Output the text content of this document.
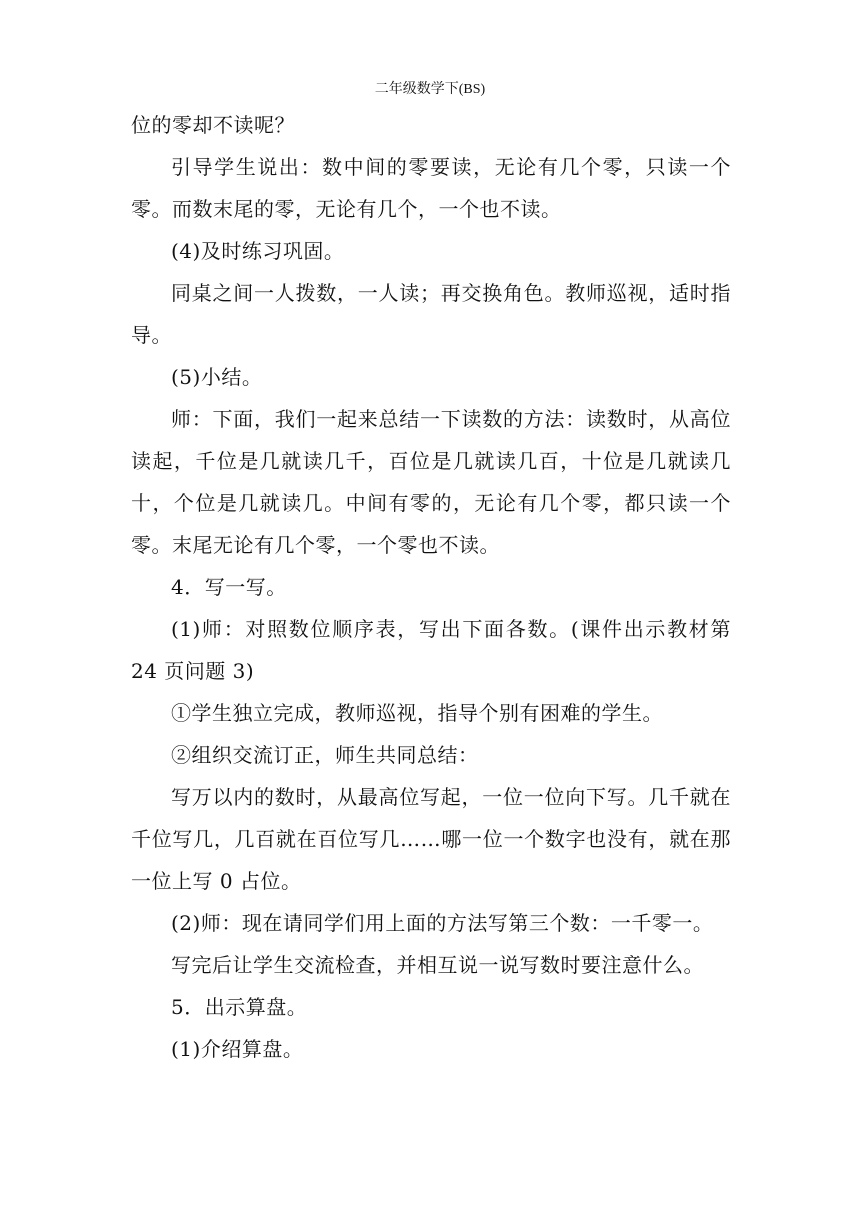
二年级数学下(BS)

位的零却不读呢？

引导学生说出：数中间的零要读，无论有几个零，只读一个零。而数末尾的零，无论有几个，一个也不读。

(4)及时练习巩固。

同桌之间一人拨数，一人读；再交换角色。教师巡视，适时指导。

(5)小结。

师：下面，我们一起来总结一下读数的方法：读数时，从高位读起，千位是几就读几千，百位是几就读几百，十位是几就读几十，个位是几就读几。中间有零的，无论有几个零，都只读一个零。末尾无论有几个零，一个零也不读。

4．写一写。

(1)师：对照数位顺序表，写出下面各数。(课件出示教材第 24 页问题 3)

①学生独立完成，教师巡视，指导个别有困难的学生。

②组织交流订正，师生共同总结：

写万以内的数时，从最高位写起，一位一位向下写。几千就在千位写几，几百就在百位写几……哪一位一个数字也没有，就在那一位上写 0 占位。

(2)师：现在请同学们用上面的方法写第三个数：一千零一。

写完后让学生交流检查，并相互说一说写数时要注意什么。

5．出示算盘。

(1)介绍算盘。
